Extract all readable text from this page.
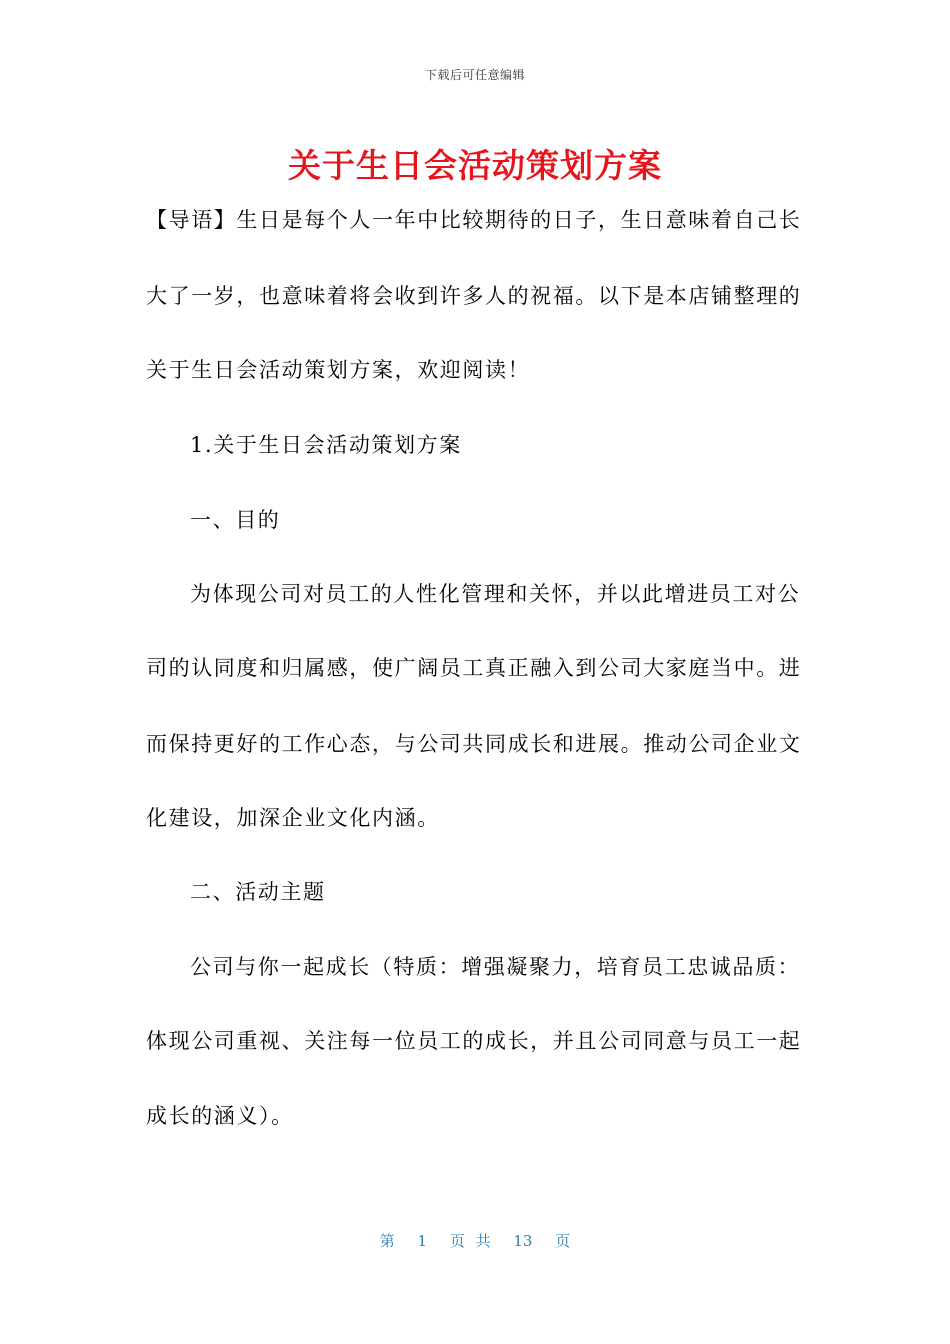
下载后可任意编辑
关于生日会活动策划方案
【导语】生日是每个人一年中比较期待的日子，生日意味着自己长
大了一岁，也意味着将会收到许多人的祝福。以下是本店铺整理的
关于生日会活动策划方案，欢迎阅读！
1.关于生日会活动策划方案
一、目的
为体现公司对员工的人性化管理和关怀，并以此增进员工对公
司的认同度和归属感，使广阔员工真正融入到公司大家庭当中。进
而保持更好的工作心态，与公司共同成长和进展。推动公司企业文
化建设，加深企业文化内涵。
二、活动主题
公司与你一起成长（特质：增强凝聚力，培育员工忠诚品质：
体现公司重视、关注每一位员工的成长，并且公司同意与员工一起
成长的涵义）。
第 1 页 共 13 页
